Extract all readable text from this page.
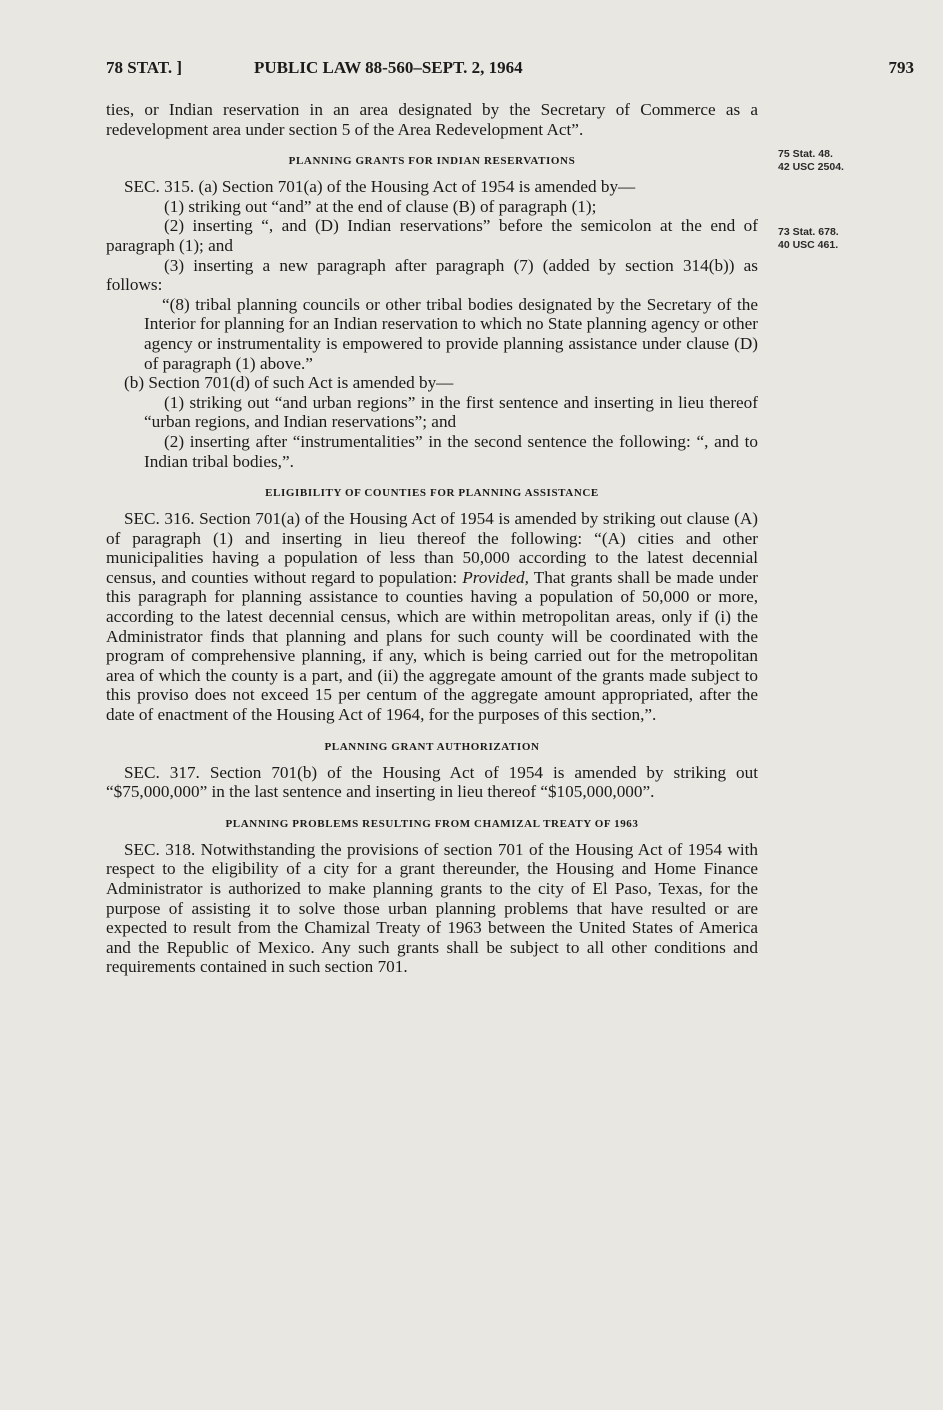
78 STAT. ]	PUBLIC LAW 88-560–SEPT. 2, 1964	793
75 Stat. 48.
42 USC 2504.
73 Stat. 678.
40 USC 461.

ties, or Indian reservation in an area designated by the Secretary of Commerce as a redevelopment area under section 5 of the Area Redevelopment Act”.

PLANNING GRANTS FOR INDIAN RESERVATIONS

SEC. 315. (a) Section 701(a) of the Housing Act of 1954 is amended by—

(1) striking out “and” at the end of clause (B) of paragraph (1);

(2) inserting “, and (D) Indian reservations” before the semicolon at the end of paragraph (1); and

(3) inserting a new paragraph after paragraph (7) (added by section 314(b)) as follows:

“(8) tribal planning councils or other tribal bodies designated by the Secretary of the Interior for planning for an Indian reservation to which no State planning agency or other agency or instrumentality is empowered to provide planning assistance under clause (D) of paragraph (1) above.”

(b) Section 701(d) of such Act is amended by—

(1) striking out “and urban regions” in the first sentence and inserting in lieu thereof “urban regions, and Indian reservations”; and

(2) inserting after “instrumentalities” in the second sentence the following: “, and to Indian tribal bodies,”.

ELIGIBILITY OF COUNTIES FOR PLANNING ASSISTANCE

SEC. 316. Section 701(a) of the Housing Act of 1954 is amended by striking out clause (A) of paragraph (1) and inserting in lieu thereof the following: “(A) cities and other municipalities having a population of less than 50,000 according to the latest decennial census, and counties without regard to population: Provided, That grants shall be made under this paragraph for planning assistance to counties having a population of 50,000 or more, according to the latest decennial census, which are within metropolitan areas, only if (i) the Administrator finds that planning and plans for such county will be coordinated with the program of comprehensive planning, if any, which is being carried out for the metropolitan area of which the county is a part, and (ii) the aggregate amount of the grants made subject to this proviso does not exceed 15 per centum of the aggregate amount appropriated, after the date of enactment of the Housing Act of 1964, for the purposes of this section,”.

PLANNING GRANT AUTHORIZATION

SEC. 317. Section 701(b) of the Housing Act of 1954 is amended by striking out “$75,000,000” in the last sentence and inserting in lieu thereof “$105,000,000”.

PLANNING PROBLEMS RESULTING FROM CHAMIZAL TREATY OF 1963

SEC. 318. Notwithstanding the provisions of section 701 of the Housing Act of 1954 with respect to the eligibility of a city for a grant thereunder, the Housing and Home Finance Administrator is authorized to make planning grants to the city of El Paso, Texas, for the purpose of assisting it to solve those urban planning problems that have resulted or are expected to result from the Chamizal Treaty of 1963 between the United States of America and the Republic of Mexico. Any such grants shall be subject to all other conditions and requirements contained in such section 701.
